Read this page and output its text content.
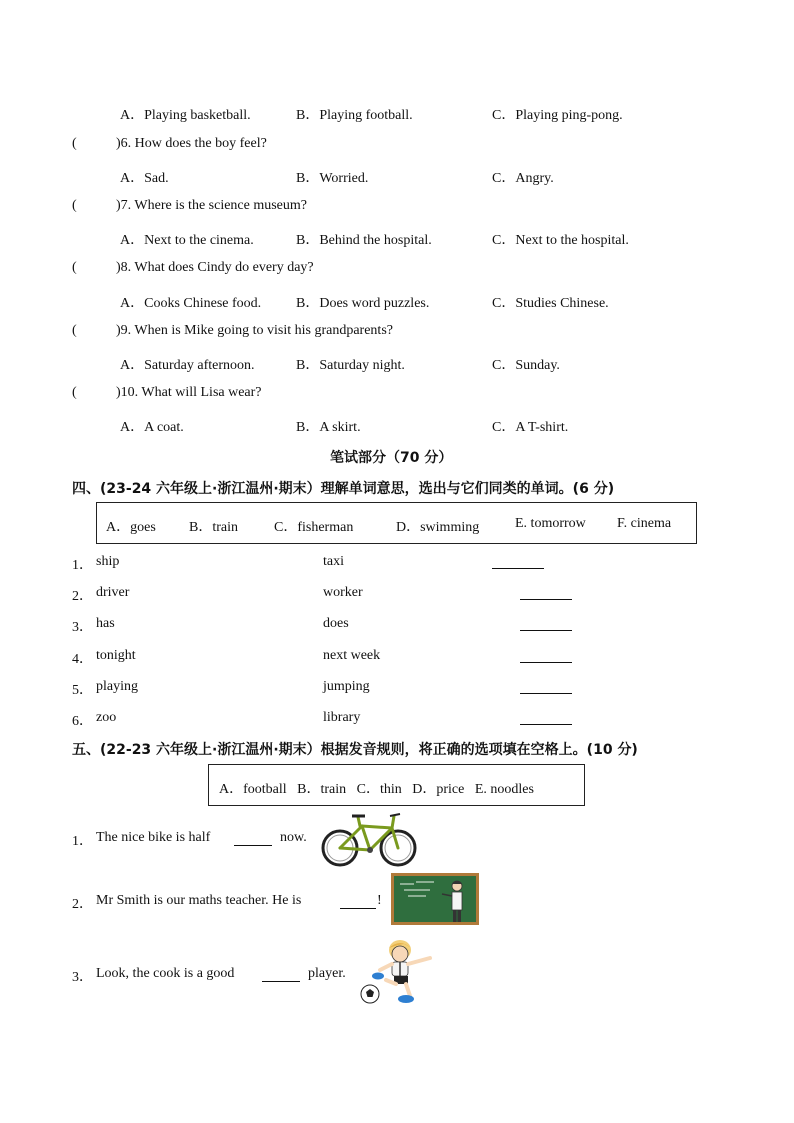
A．Playing basketball.	B．Playing football.	C．Playing ping-pong.
(	)6. How does the boy feel?
A．Sad.	B．Worried.	C．Angry.
(	)7. Where is the science museum?
A．Next to the cinema.	B．Behind the hospital.	C．Next to the hospital.
(	)8. What does Cindy do every day?
A．Cooks Chinese food. B．Does word puzzles.	C．Studies Chinese.
(	)9. When is Mike going to visit his grandparents?
A．Saturday afternoon.	B．Saturday night.	C．Sunday.
(	)10. What will Lisa wear?
A．A coat.	B．A skirt.	C．A T-shirt.
笔试部分（70 分）
四、(23-24 六年级上·浙江温州·期末）理解单词意思，选出与它们同类的单词。(6 分)
A．goes B．train	C．fisherman	D．swimming	E. tomorrow F. cinema
1． ship	taxi
2． driver	worker
3． has	does
4． tonight	next week
5． playing	jumping
6． zoo	library
五、(22-23 六年级上·浙江温州·期末）根据发音规则，将正确的选项填在空格上。(10 分)
A．football   B．train   C．thin   D．price   E. noodles
1． The nice bike is half	now.
2． Mr Smith is our maths teacher. He is	!
3． Look, the cook is a good	player.
